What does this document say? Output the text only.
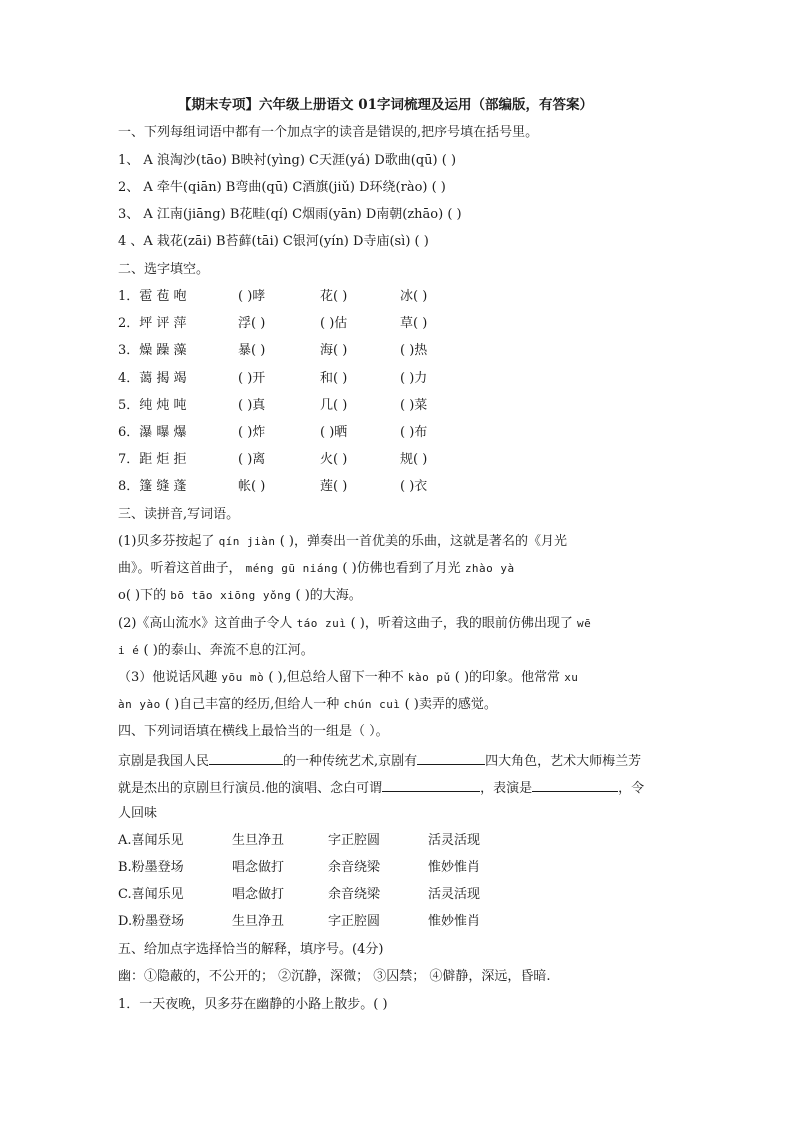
【期末专项】六年级上册语文 01字词梳理及运用（部编版，有答案）
一、下列每组词语中都有一个加点字的读音是错误的,把序号填在括号里。
1、 A 浪淘沙(tāo) B映衬(yìng) C天涯(yá) D歌曲(qū) ( )
2、 A 牵牛(qiān) B弯曲(qū) C酒旗(jiǔ) D环绕(rào) ( )
3、 A 江南(jiāng) B花畦(qí) C烟雨(yān) D南朝(zhāo) ( )
4 、A 栽花(zāi) B苔藓(tāi) C银河(yín) D寺庙(sì) ( )
二、选字填空。
1．雹 苞 咆	( )哮	花( )	冰( )
2．坪 评 萍	浮( )	( )估	草( )
3．燥 躁 藻	暴( )	海( )	( )热
4．蔼 揭 竭	( )开	和( )	( )力
5．纯 炖 吨	( )真	几( )	( )菜
6．瀑 曝 爆	( )炸	( )晒	( )布
7．距 炬 拒	( )离	火( )	规( )
8．篷 缝 蓬	帐( )	莲( )	( )衣
三、读拼音,写词语。
(1)贝多芬按起了 qín jiàn ( )，弹奏出一首优美的乐曲，这就是著名的《月光
曲》。听着这首曲子， méng gū niáng ( )仿佛也看到了月光 zhào yà
o( )下的 bō tāo xiōng yǒng ( )的大海。
(2)《高山流水》这首曲子令人 táo zuì ( )，听着这曲子，我的眼前仿佛出现了 wē
i é ( )的泰山、奔流不息的江河。
（3）他说话风趣 yōu mò ( ),但总给人留下一种不 kào pǔ ( )的印象。他常常 xu
àn yào ( )自己丰富的经历,但给人一种 chún cuì ( )卖弄的感觉。
四、下列词语填在横线上最恰当的一组是（ ）。
京剧是我国人民	的一种传统艺术,京剧有	四大角色，艺术大师梅兰芳
就是杰出的京剧旦行演员.他的演唱、念白可谓	，表演是	，令
人回味
A.喜闻乐见	生旦净丑	字正腔圆	活灵活现
B.粉墨登场	唱念做打	余音绕梁	惟妙惟肖
C.喜闻乐见	唱念做打	余音绕梁	活灵活现
D.粉墨登场	生旦净丑	字正腔圆	惟妙惟肖
五、给加点字选择恰当的解释，填序号。(4分)
幽：①隐蔽的，不公开的； ②沉静，深微； ③囚禁； ④僻静，深远，昏暗.
1．一天夜晚，贝多芬在幽静的小路上散步。( )
